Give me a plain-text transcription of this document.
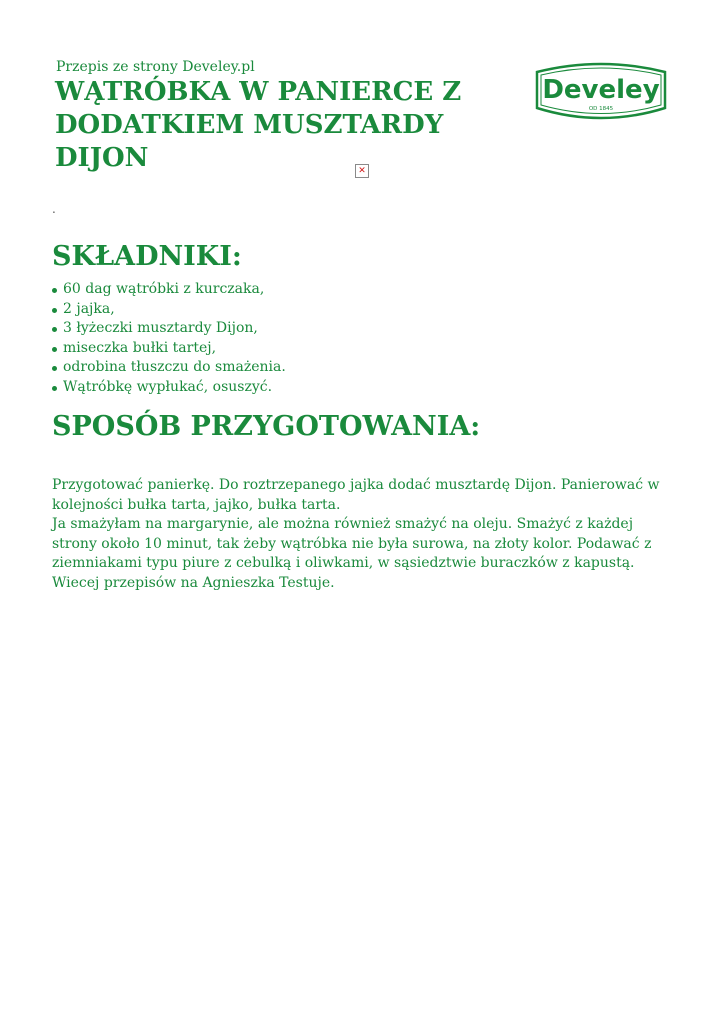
Przepis ze strony Develey.pl
WĄTRÓBKA W PANIERCE Z DODATKIEM MUSZTARDY DIJON
Develey
OD 1845
✕
.
SKŁADNIKI:
60 dag wątróbki z kurczaka,
2 jajka,
3 łyżeczki musztardy Dijon,
miseczka bułki tartej,
odrobina tłuszczu do smażenia.
Wątróbkę wypłukać, osuszyć.
SPOSÓB PRZYGOTOWANIA:

Przygotować panierkę. Do roztrzepanego jajka dodać musztardę Dijon. Panierować w kolejności bułka tarta, jajko, bułka tarta.

Ja smażyłam na margarynie, ale można również smażyć na oleju. Smażyć z każdej strony około 10 minut, tak żeby wątróbka nie była surowa, na złoty kolor. Podawać z ziemniakami typu piure z cebulką i oliwkami, w sąsiedztwie buraczków z kapustą. Wiecej przepisów na Agnieszka Testuje.
